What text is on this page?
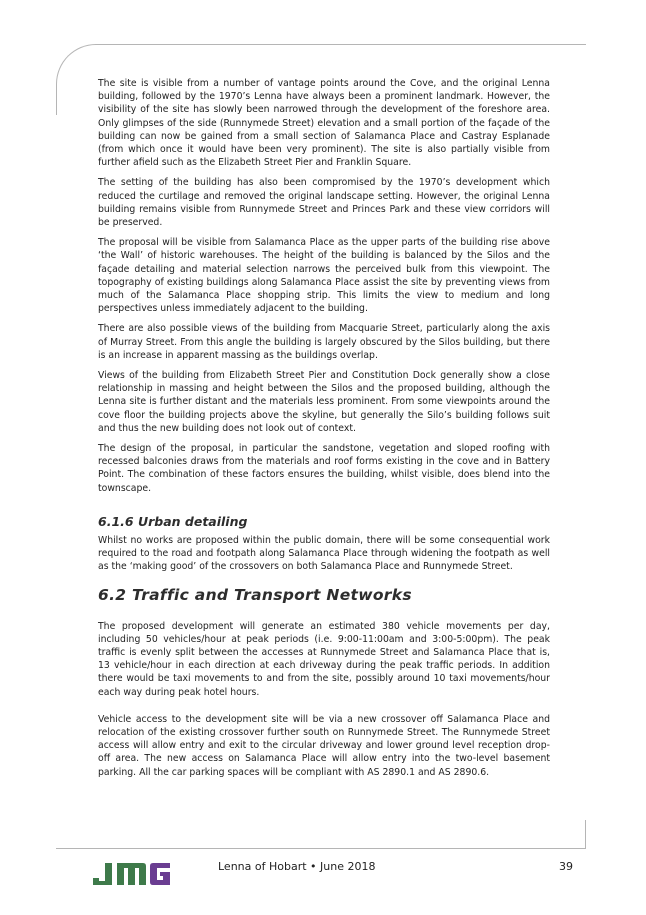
The site is visible from a number of vantage points around the Cove, and the original Lenna building, followed by the 1970’s Lenna have always been a prominent landmark. However, the visibility of the site has slowly been narrowed through the development of the foreshore area. Only glimpses of the side (Runnymede Street) elevation and a small portion of the façade of the building can now be gained from a small section of Salamanca Place and Castray Esplanade (from which once it would have been very prominent). The site is also partially visible from further afield such as the Elizabeth Street Pier and Franklin Square.

The setting of the building has also been compromised by the 1970’s development which reduced the curtilage and removed the original landscape setting. However, the original Lenna building remains visible from Runnymede Street and Princes Park and these view corridors will be preserved.

The proposal will be visible from Salamanca Place as the upper parts of the building rise above ‘the Wall’ of historic warehouses. The height of the building is balanced by the Silos and the façade detailing and material selection narrows the perceived bulk from this viewpoint. The topography of existing buildings along Salamanca Place assist the site by preventing views from much of the Salamanca Place shopping strip. This limits the view to medium and long perspectives unless immediately adjacent to the building.

There are also possible views of the building from Macquarie Street, particularly along the axis of Murray Street. From this angle the building is largely obscured by the Silos building, but there is an increase in apparent massing as the buildings overlap.

Views of the building from Elizabeth Street Pier and Constitution Dock generally show a close relationship in massing and height between the Silos and the proposed building, although the Lenna site is further distant and the materials less prominent. From some viewpoints around the cove floor the building projects above the skyline, but generally the Silo’s building follows suit and thus the new building does not look out of context.

The design of the proposal, in particular the sandstone, vegetation and sloped roofing with recessed balconies draws from the materials and roof forms existing in the cove and in Battery Point. The combination of these factors ensures the building, whilst visible, does blend into the townscape.

6.1.6 Urban detailing

Whilst no works are proposed within the public domain, there will be some consequential work required to the road and footpath along Salamanca Place through widening the footpath as well as the ‘making good’ of the crossovers on both Salamanca Place and Runnymede Street.

6.2 Traffic and Transport Networks

The proposed development will generate an estimated 380 vehicle movements per day, including 50 vehicles/hour at peak periods (i.e. 9:00-11:00am and 3:00-5:00pm). The peak traffic is evenly split between the accesses at Runnymede Street and Salamanca Place that is, 13 vehicle/hour in each direction at each driveway during the peak traffic periods. In addition there would be taxi movements to and from the site, possibly around 10 taxi movements/hour each way during peak hotel hours.

Vehicle access to the development site will be via a new crossover off Salamanca Place and relocation of the existing crossover further south on Runnymede Street. The Runnymede Street access will allow entry and exit to the circular driveway and lower ground level reception drop-off area. The new access on Salamanca Place will allow entry into the two-level basement parking. All the car parking spaces will be compliant with AS 2890.1 and AS 2890.6.

Lenna of Hobart • June 2018	39
